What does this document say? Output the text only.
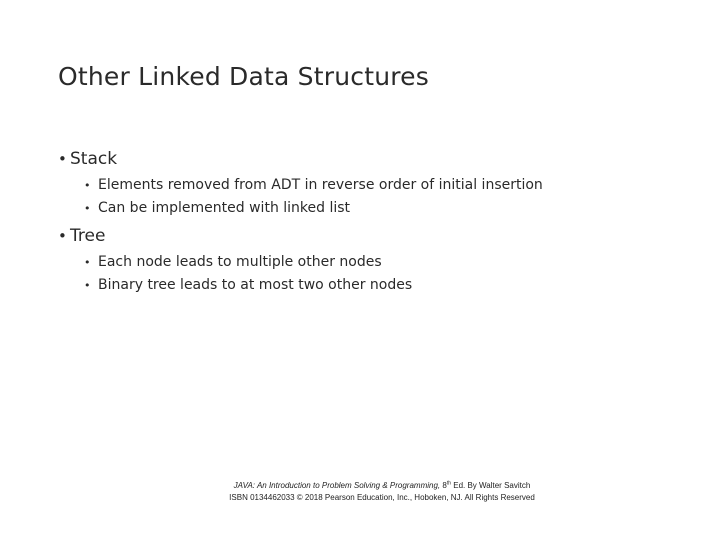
Other Linked Data Structures
• Stack
• Elements removed from ADT in reverse order of initial insertion
• Can be implemented with linked list
• Tree
• Each node leads to multiple other nodes
• Binary tree leads to at most two other nodes
JAVA: An Introduction to Problem Solving & Programming, 8th Ed. By Walter Savitch
ISBN 0134462033 © 2018 Pearson Education, Inc., Hoboken, NJ. All Rights Reserved
